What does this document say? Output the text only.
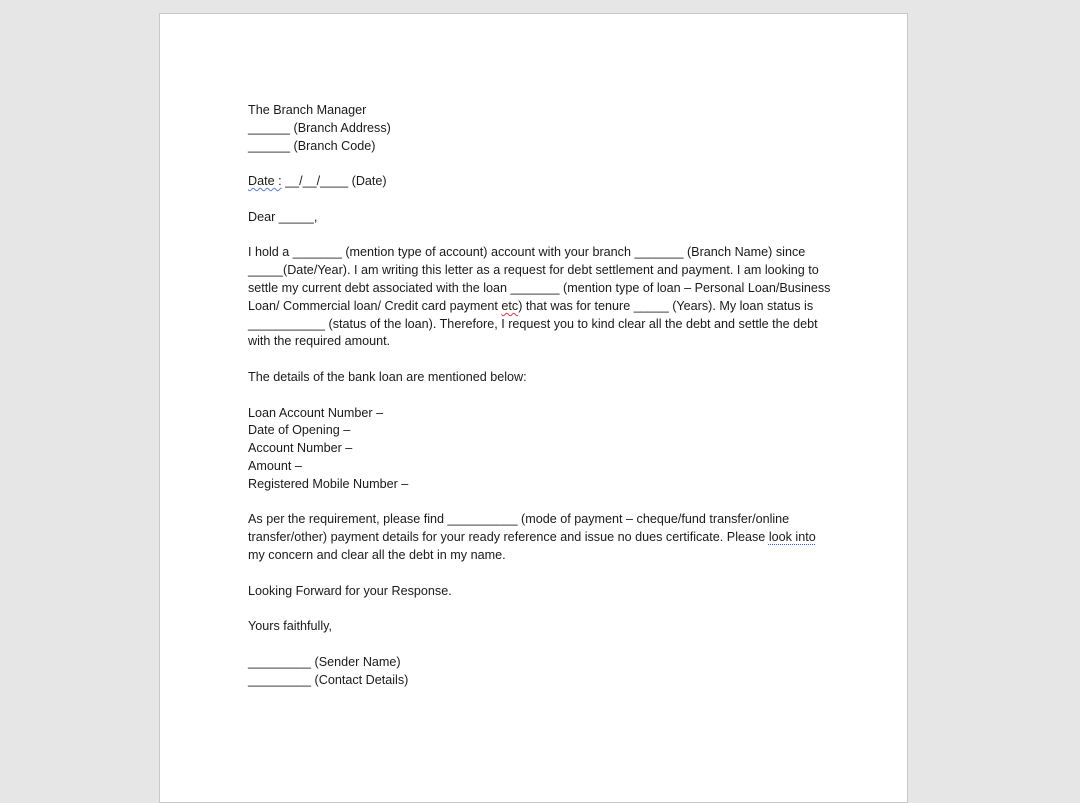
The Branch Manager
______ (Branch Address)
______ (Branch Code)
Date : __/__/____ (Date)
Dear _____,
I hold a _______ (mention type of account) account with your branch _______ (Branch Name) since
_____(Date/Year). I am writing this letter as a request for debt settlement and payment. I am looking to
settle my current debt associated with the loan _______ (mention type of loan – Personal Loan/Business
Loan/ Commercial loan/ Credit card payment etc) that was for tenure _____ (Years). My loan status is
___________ (status of the loan). Therefore, I request you to kind clear all the debt and settle the debt
with the required amount.
The details of the bank loan are mentioned below:
Loan Account Number –
Date of Opening –
Account Number –
Amount –
Registered Mobile Number –
As per the requirement, please find __________ (mode of payment – cheque/fund transfer/online
transfer/other) payment details for your ready reference and issue no dues certificate. Please look into
my concern and clear all the debt in my name.
Looking Forward for your Response.
Yours faithfully,
_________ (Sender Name)
_________ (Contact Details)
